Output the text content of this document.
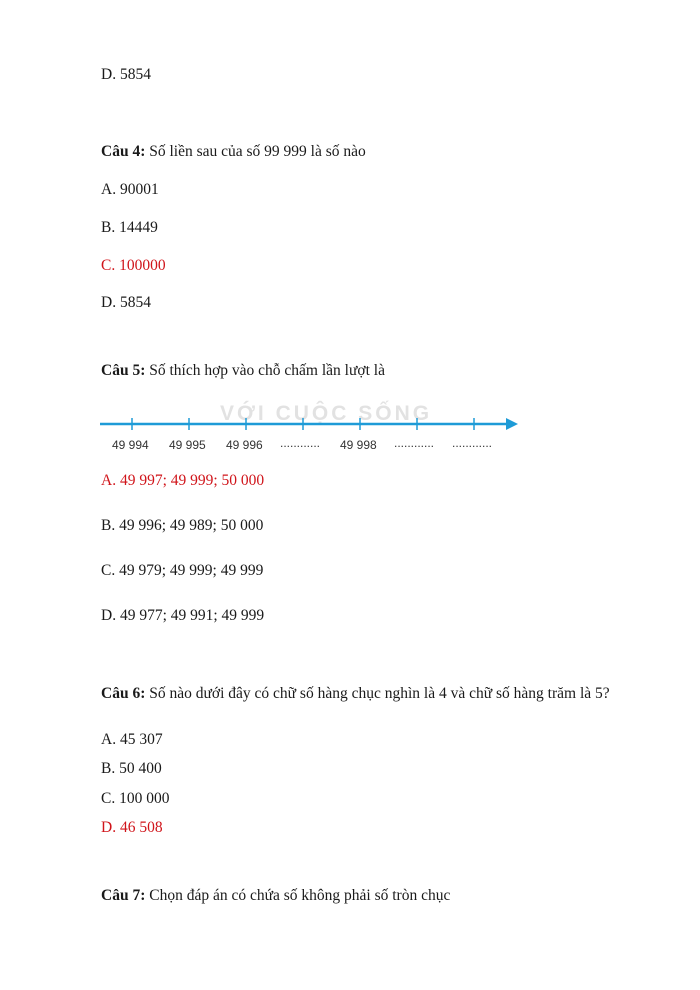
D. 5854
Câu 4: Số liền sau của số 99 999 là số nào
A. 90001
B. 14449
C. 100000
D. 5854
Câu 5: Số thích hợp vào chỗ chấm lần lượt là
VỚI CUỘC SỐNG
49 994 49 995 49 996 ............ 49 998 ............ ............
A. 49 997; 49 999; 50 000
B. 49 996; 49 989; 50 000
C. 49 979; 49 999; 49 999
D. 49 977; 49 991; 49 999
Câu 6: Số nào dưới đây có chữ số hàng chục nghìn là 4 và chữ số hàng trăm là 5?
A. 45 307
B. 50 400
C. 100 000
D. 46 508
Câu 7: Chọn đáp án có chứa số không phải số tròn chục
